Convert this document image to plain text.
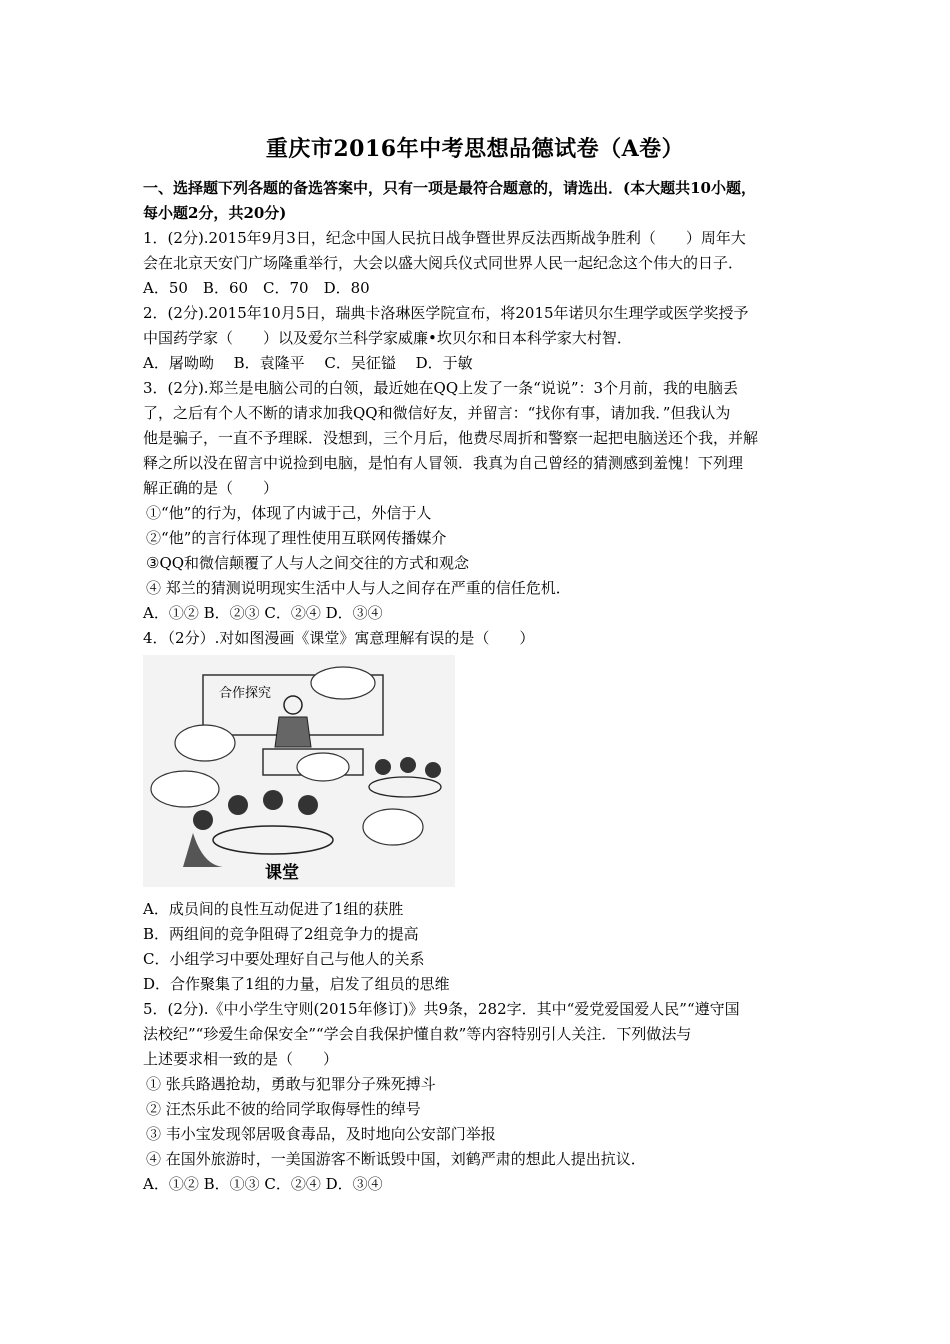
重庆市2016年中考思想品德试卷（A卷）

一、选择题下列各题的备选答案中，只有一项是最符合题意的，请选出．(本大题共10小题，

每小题2分，共20分)

1．(2分).2015年9月3日，纪念中国人民抗日战争暨世界反法西斯战争胜利（　　）周年大

会在北京天安门广场隆重举行，大会以盛大阅兵仪式同世界人民一起纪念这个伟大的日子．

A．50　B．60　C．70　D．80

2．(2分).2015年10月5日，瑞典卡洛琳医学院宣布，将2015年诺贝尔生理学或医学奖授予

中国药学家（　　）以及爱尔兰科学家威廉•坎贝尔和日本科学家大村智．

A．屠呦呦　 B．袁隆平　 C．吴征镒　 D．于敏

3．(2分).郑兰是电脑公司的白领，最近她在QQ上发了一条“说说”：3个月前，我的电脑丢

了，之后有个人不断的请求加我QQ和微信好友，并留言：“找你有事，请加我．”但我认为

他是骗子，一直不予理睬．没想到，三个月后，他费尽周折和警察一起把电脑送还个我，并解

释之所以没在留言中说捡到电脑，是怕有人冒领．我真为自己曾经的猜测感到羞愧！下列理

解正确的是（　　）

①“他”的行为，体现了内诚于己，外信于人

②“他”的言行体现了理性使用互联网传播媒介

③QQ和微信颠覆了人与人之间交往的方式和观念

④ 郑兰的猜测说明现实生活中人与人之间存在严重的信任危机．

A．①② B．②③ C．②④ D．③④

4．（2分）.对如图漫画《课堂》寓意理解有误的是（　　）

合作探究
课堂

A．成员间的良性互动促进了1组的获胜

B．两组间的竞争阻碍了2组竞争力的提高

C．小组学习中要处理好自己与他人的关系

D．合作聚集了1组的力量，启发了组员的思维

5．(2分).《中小学生守则(2015年修订)》共9条，282字．其中“爱党爱国爱人民”“遵守国

法校纪”“珍爱生命保安全”“学会自我保护懂自救”等内容特别引人关注．下列做法与

上述要求相一致的是（　　）

① 张兵路遇抢劫，勇敢与犯罪分子殊死搏斗

② 汪杰乐此不彼的给同学取侮辱性的绰号

③ 韦小宝发现邻居吸食毒品，及时地向公安部门举报

④ 在国外旅游时，一美国游客不断诋毁中国，刘鹤严肃的想此人提出抗议．

A．①② B．①③ C．②④ D．③④
